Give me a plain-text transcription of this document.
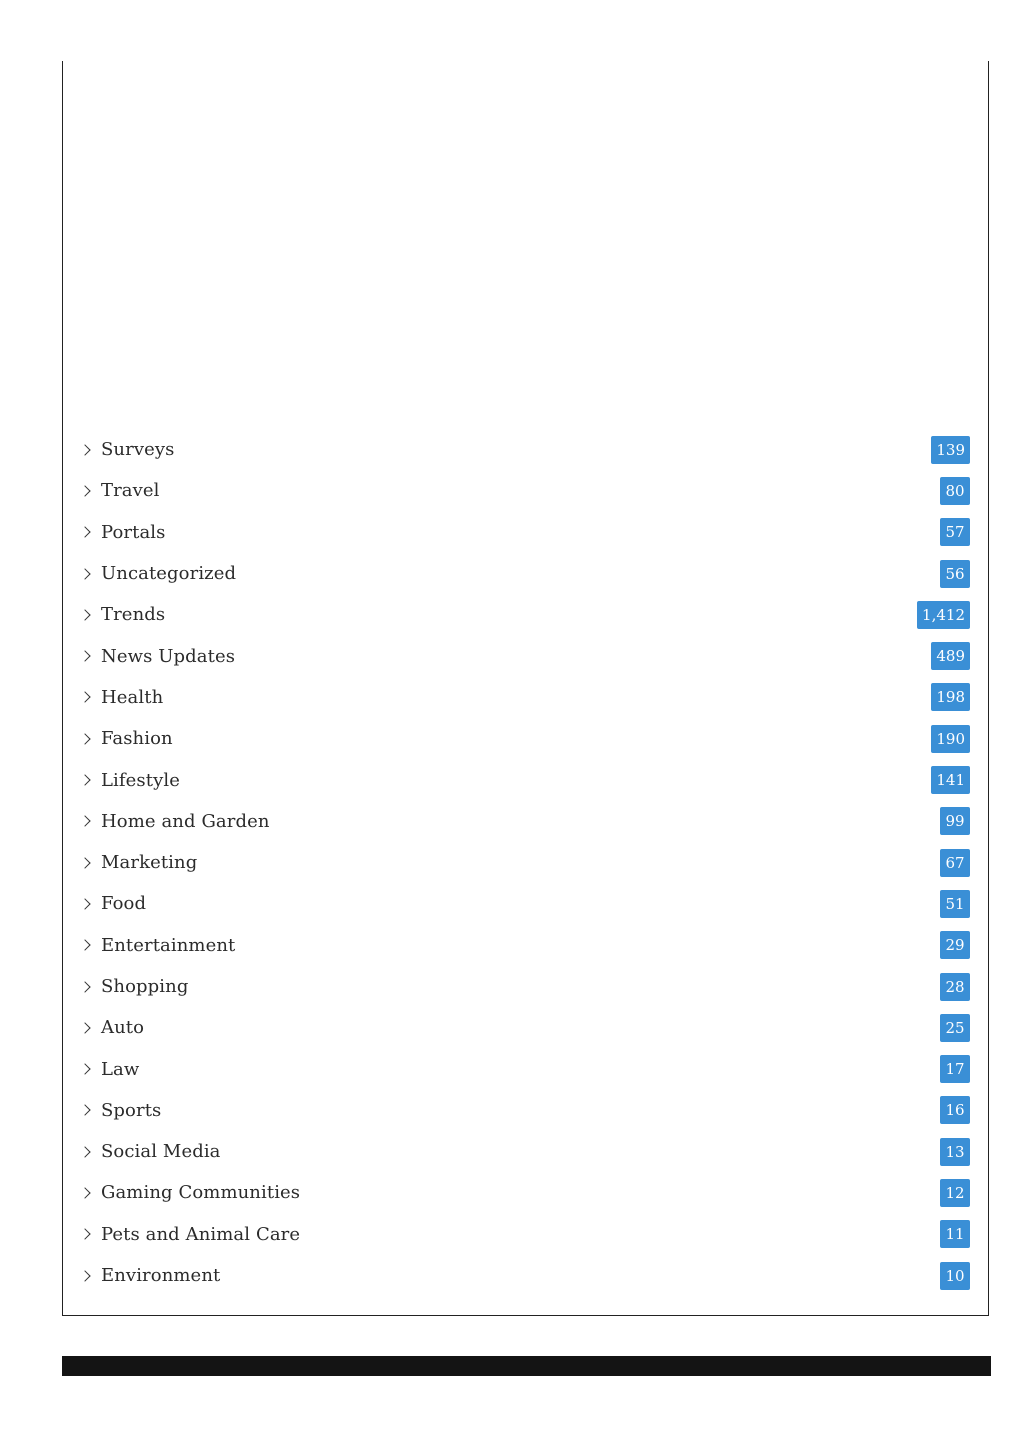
Surveys	139
Travel	80
Portals	57
Uncategorized	56
Trends	1,412
News Updates	489
Health	198
Fashion	190
Lifestyle	141
Home and Garden	99
Marketing	67
Food	51
Entertainment	29
Shopping	28
Auto	25
Law	17
Sports	16
Social Media	13
Gaming Communities	12
Pets and Animal Care	11
Environment	10
